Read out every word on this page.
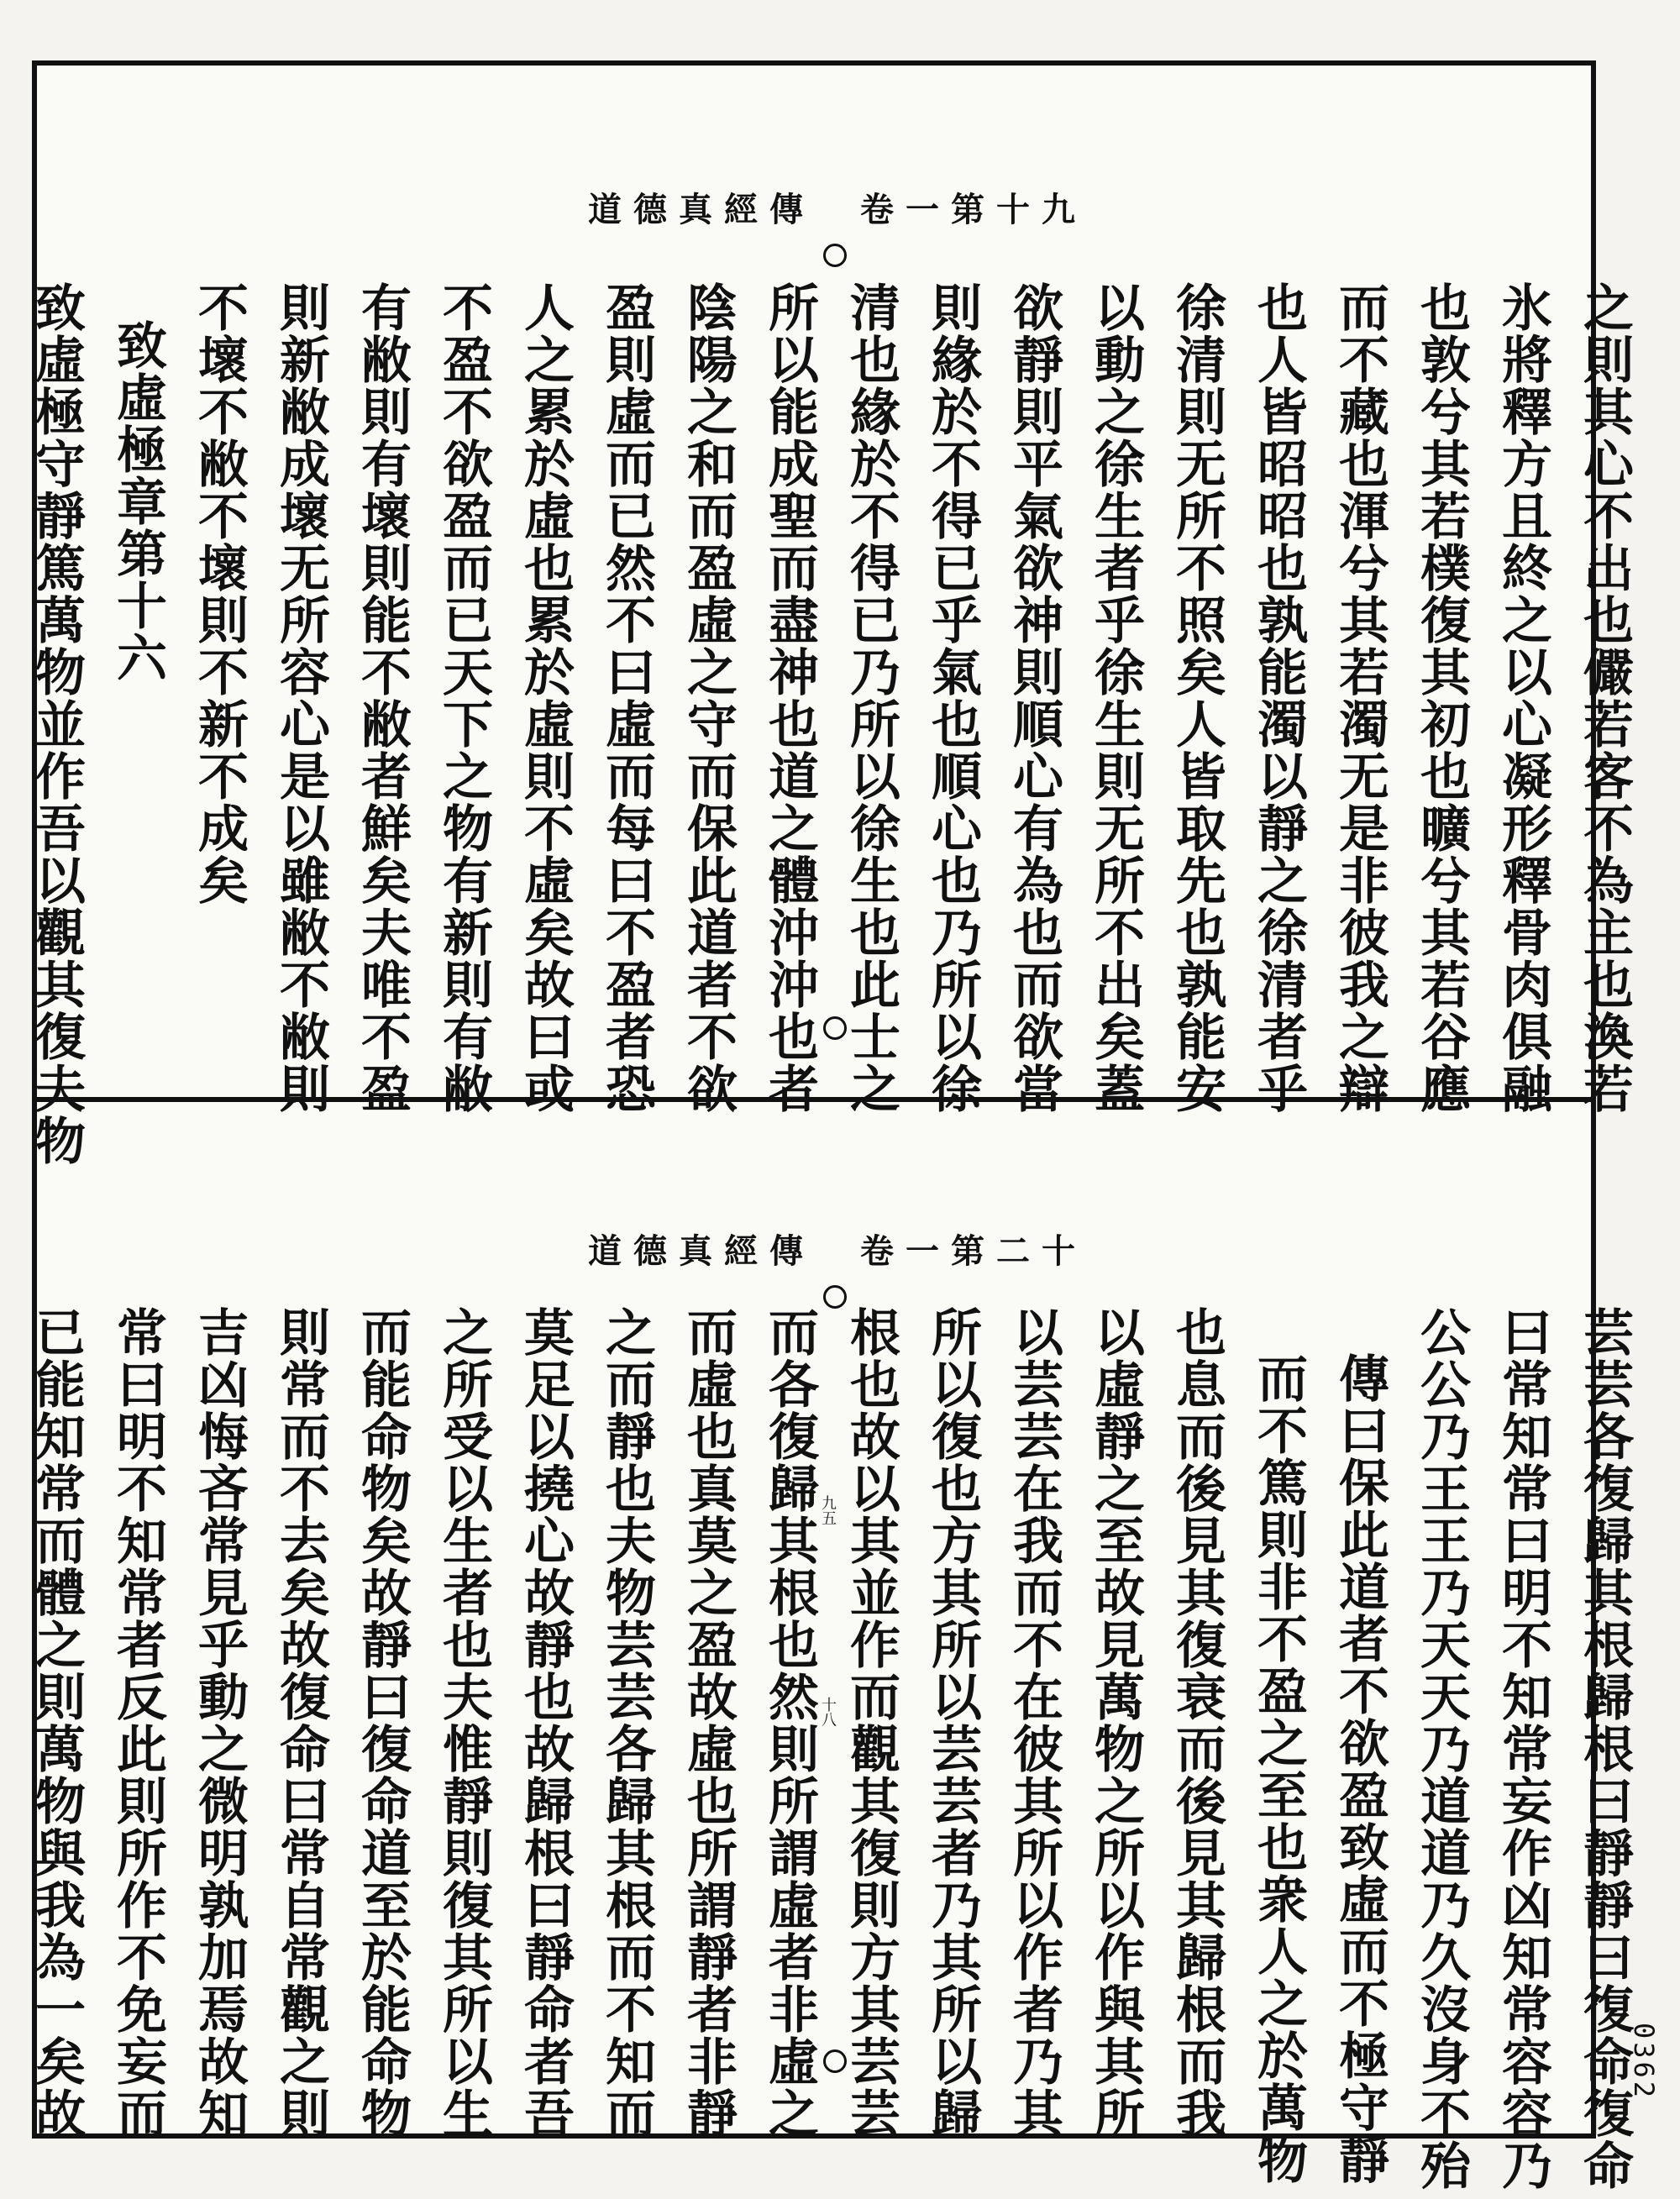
道德真經傳　卷一第十九
之則其心不出也儼若客不為主也渙若
氷將釋方且終之以心凝形釋骨肉俱融
也敦兮其若樸復其初也曠兮其若谷應
而不藏也渾兮其若濁无是非彼我之辯
也人皆昭昭也孰能濁以靜之徐清者乎
徐清則无所不照矣人皆取先也孰能安
以動之徐生者乎徐生則无所不出矣蓋
欲靜則平氣欲神則順心有為也而欲當
則緣於不得已乎氣也順心也乃所以徐
清也緣於不得已乃所以徐生也此士之
所以能成聖而盡神也道之體沖沖也者
陰陽之和而盈虛之守而保此道者不欲
盈則虛而已然不曰虛而每曰不盈者恐
人之累於虛也累於虛則不虛矣故曰或
不盈不欲盈而已天下之物有新則有敝
有敝則有壞則能不敝者鮮矣夫唯不盈
則新敝成壞无所容心是以雖敝不敝則
不壞不敝不壞則不新不成矣
致虛極章第十六
致虛極守靜篤萬物並作吾以觀其復夫物
道德真經傳　卷一第二十
九五
十八	芸芸各復歸其根歸根曰靜靜曰復命復命
曰常知常曰明不知常妄作凶知常容容乃
公公乃王王乃天天乃道道乃久沒身不殆
傳曰保此道者不欲盈致虛而不極守靜
而不篤則非不盈之至也衆人之於萬物
也息而後見其復衰而後見其歸根而我
以虛靜之至故見萬物之所以作與其所
以芸芸在我而不在彼其所以作者乃其
所以復也方其所以芸芸者乃其所以歸
根也故以其並作而觀其復則方其芸芸
而各復歸其根也然則所謂虛者非虛之
而虛也真莫之盈故虛也所謂靜者非靜
之而靜也夫物芸芸各歸其根而不知而
莫足以撓心故靜也故歸根曰靜命者吾
之所受以生者也夫惟靜則復其所以生
而能命物矣故靜曰復命道至於能命物
則常而不去矣故復命曰常自常觀之則
吉凶悔吝常見乎動之微明孰加焉故知
常曰明不知常者反此則所作不免妄而
已能知常而體之則萬物與我為一矣故	0362
